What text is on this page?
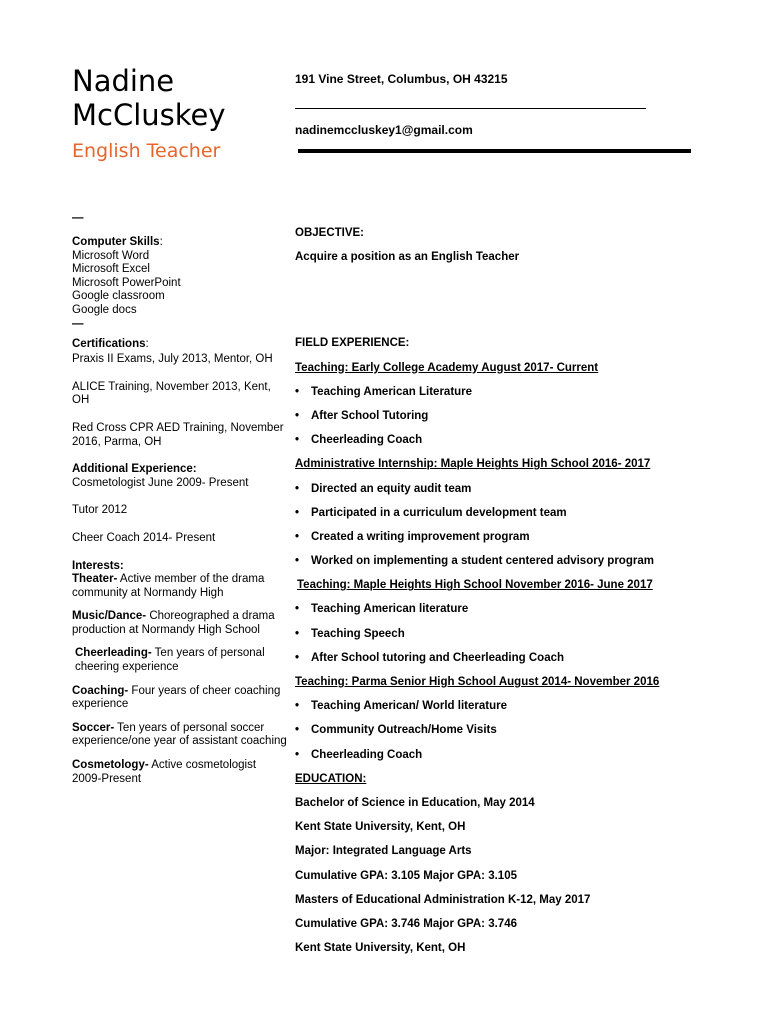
Nadine
McCluskey
English Teacher
191 Vine Street, Columbus, OH 43215
nadinemccluskey1@gmail.com
—
Computer Skills:
Microsoft Word
Microsoft Excel
Microsoft PowerPoint
Google classroom
Google docs
—
Certifications:
Praxis II Exams, July 2013, Mentor, OH
ALICE Training, November 2013, Kent, OH
Red Cross CPR AED Training, November 2016, Parma, OH
Additional Experience:
Cosmetologist June 2009- Present
Tutor 2012
Cheer Coach 2014- Present
Interests:
Theater- Active member of the drama community at Normandy High
Music/Dance- Choreographed a drama production at Normandy High School
Cheerleading- Ten years of personal cheering experience
Coaching- Four years of cheer coaching experience
Soccer- Ten years of personal soccer experience/one year of assistant coaching
Cosmetology- Active cosmetologist 2009-Present
OBJECTIVE:
Acquire a position as an English Teacher
FIELD EXPERIENCE:
Teaching: Early College Academy August 2017- Current
• Teaching American Literature
• After School Tutoring
• Cheerleading Coach
Administrative Internship: Maple Heights High School 2016- 2017
• Directed an equity audit team
• Participated in a curriculum development team
• Created a writing improvement program
• Worked on implementing a student centered advisory program
Teaching: Maple Heights High School November 2016- June 2017
• Teaching American literature
• Teaching Speech
• After School tutoring and Cheerleading Coach
Teaching: Parma Senior High School August 2014- November 2016
• Teaching American/ World literature
• Community Outreach/Home Visits
• Cheerleading Coach
EDUCATION:
Bachelor of Science in Education, May 2014
Kent State University, Kent, OH
Major: Integrated Language Arts
Cumulative GPA: 3.105 Major GPA: 3.105
Masters of Educational Administration K-12, May 2017
Cumulative GPA: 3.746 Major GPA: 3.746
Kent State University, Kent, OH
